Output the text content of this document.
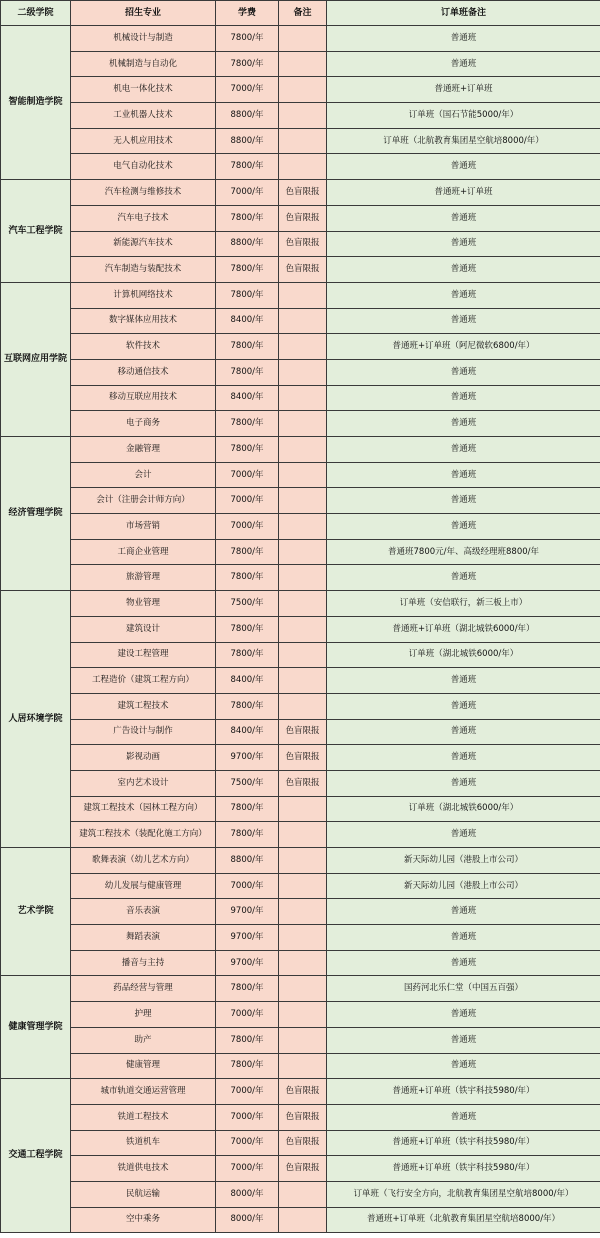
二级学院	招生专业	学费	备注	订单班备注
智能制造学院	机械设计与制造	7800/年		普通班
	机械制造与自动化	7800/年		普通班
	机电一体化技术	7000/年		普通班+订单班
	工业机器人技术	8800/年		订单班（国石节能5000/年）
	无人机应用技术	8800/年		订单班（北航教育集团星空航培8000/年）
	电气自动化技术	7800/年		普通班
汽车工程学院	汽车检测与维修技术	7000/年	色盲限报	普通班+订单班
	汽车电子技术	7800/年	色盲限报	普通班
	新能源汽车技术	8800/年	色盲限报	普通班
	汽车制造与装配技术	7800/年	色盲限报	普通班
互联网应用学院	计算机网络技术	7800/年		普通班
	数字媒体应用技术	8400/年		普通班
	软件技术	7800/年		普通班+订单班（阿尼微软6800/年）
	移动通信技术	7800/年		普通班
	移动互联应用技术	8400/年		普通班
	电子商务	7800/年		普通班
经济管理学院	金融管理	7800/年		普通班
	会计	7000/年		普通班
	会计（注册会计师方向）	7000/年		普通班
	市场营销	7000/年		普通班
	工商企业管理	7800/年		普通班7800元/年、高级经理班8800/年
	旅游管理	7800/年		普通班
人居环境学院	物业管理	7500/年		订单班（安信联行，新三板上市）
	建筑设计	7800/年		普通班+订单班（湖北城铁6000/年）
	建设工程管理	7800/年		订单班（湖北城铁6000/年）
	工程造价（建筑工程方向）	8400/年		普通班
	建筑工程技术	7800/年		普通班
	广告设计与制作	8400/年	色盲限报	普通班
	影视动画	9700/年	色盲限报	普通班
	室内艺术设计	7500/年	色盲限报	普通班
	建筑工程技术（园林工程方向）	7800/年		订单班（湖北城铁6000/年）
	建筑工程技术（装配化施工方向）	7800/年		普通班
艺术学院	歌舞表演（幼儿艺术方向）	8800/年		新天际幼儿园（港股上市公司）
	幼儿发展与健康管理	7000/年		新天际幼儿园（港股上市公司）
	音乐表演	9700/年		普通班
	舞蹈表演	9700/年		普通班
	播音与主持	9700/年		普通班
健康管理学院	药品经营与管理	7800/年		国药河北乐仁堂（中国五百强）
	护理	7000/年		普通班
	助产	7800/年		普通班
	健康管理	7800/年		普通班
交通工程学院	城市轨道交通运营管理	7000/年	色盲限报	普通班+订单班（铁宇科技5980/年）
	铁道工程技术	7000/年	色盲限报	普通班
	铁道机车	7000/年	色盲限报	普通班+订单班（铁宇科技5980/年）
	铁道供电技术	7000/年	色盲限报	普通班+订单班（铁宇科技5980/年）
	民航运输	8000/年		订单班（飞行安全方向，北航教育集团星空航培8000/年）
	空中乘务	8000/年		普通班+订单班（北航教育集团星空航培8000/年）
